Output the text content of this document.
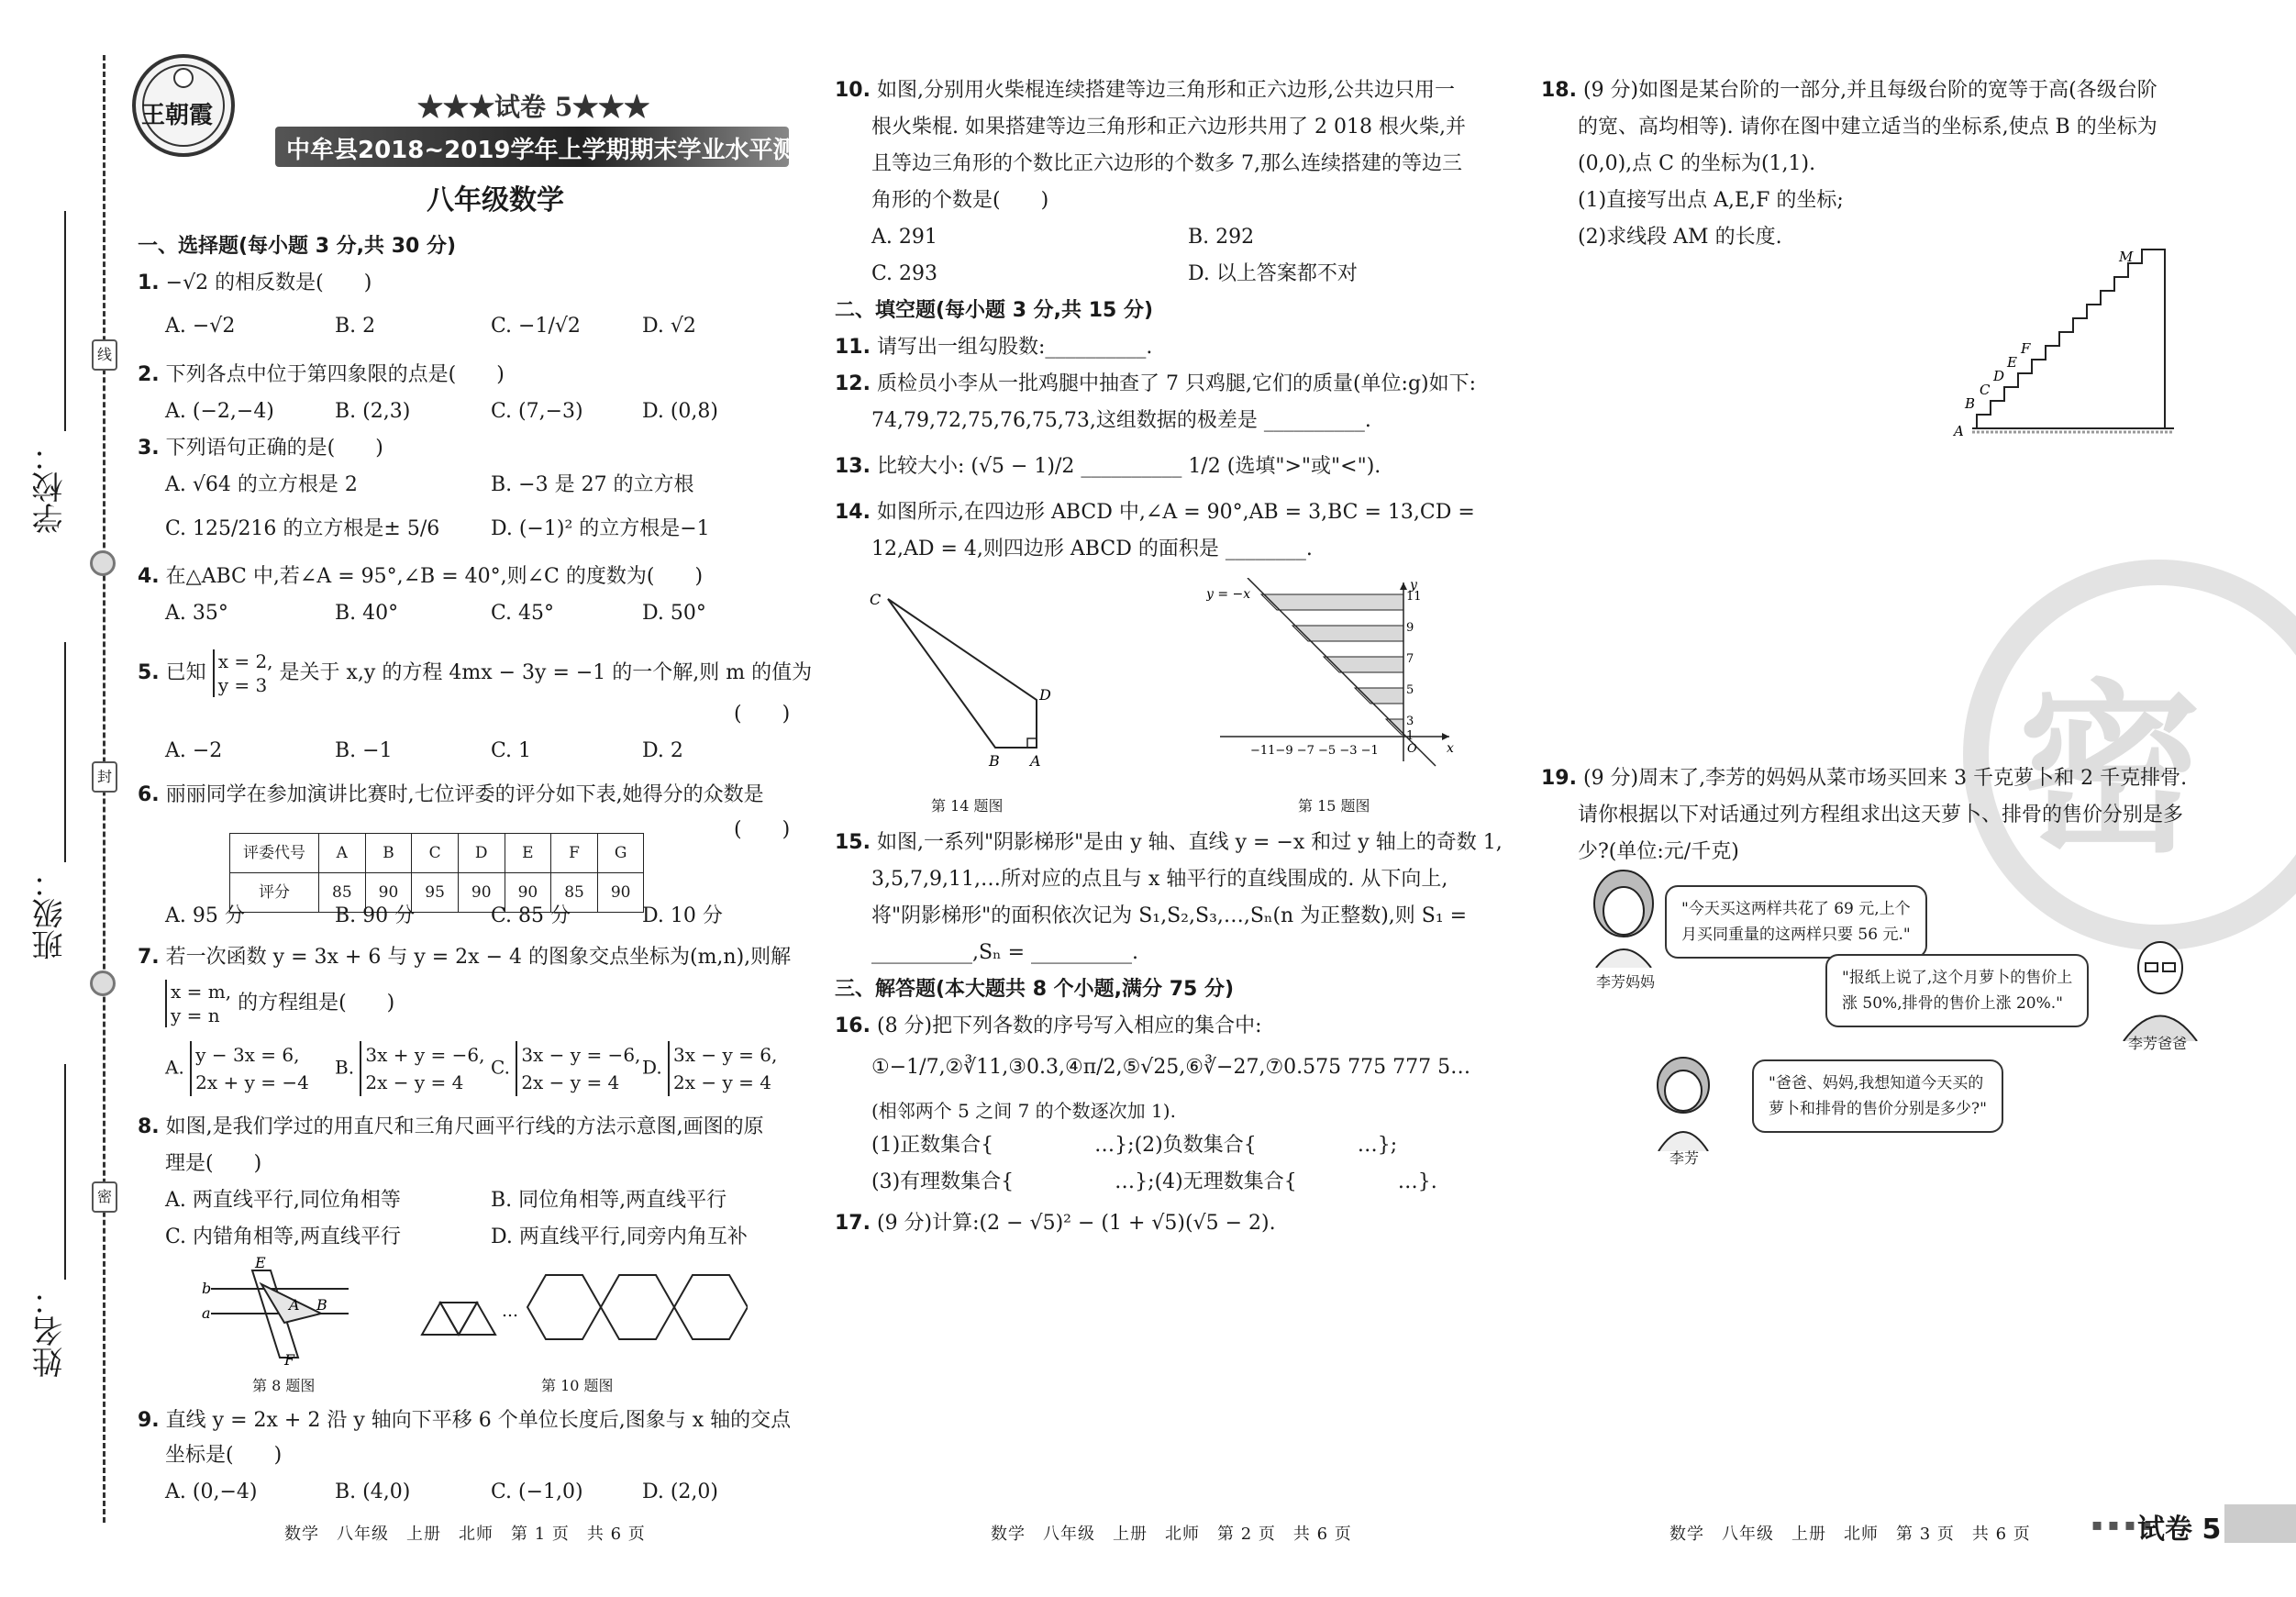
线
封
密
学校：
班级：
姓名：
王朝霞	★★★试卷 5★★★
中牟县2018~2019学年上学期期末学业水平测试试卷
八年级数学
一、选择题(每小题 3 分,共 30 分)
1. −√2 的相反数是(　　)
A. −√2	B. 2	C. −1/√2	D. √2
2. 下列各点中位于第四象限的点是(　　)
A. (−2,−4)	B. (2,3)	C. (7,−3)	D. (0,8)
3. 下列语句正确的是(　　)
A. √64 的立方根是 2	B. −3 是 27 的立方根
C. 125/216 的立方根是± 5/6	D. (−1)² 的立方根是−1
4. 在△ABC 中,若∠A = 95°,∠B = 40°,则∠C 的度数为(　　)
A. 35°	B. 40°	C. 45°	D. 50°
5. 已知 x = 2,
y = 3
是关于 x,y 的方程 4mx − 3y = −1 的一个解,则 m 的值为
(　　)
A. −2	B. −1	C. 1	D. 2
6. 丽丽同学在参加演讲比赛时,七位评委的评分如下表,她得分的众数是
(　　)
评委代号	A	B	C	D	E	F	G
评分	85	90	95	90	90	85	90
A. 95 分	B. 90 分	C. 85 分	D. 10 分
7. 若一次函数 y = 3x + 6 与 y = 2x − 4 的图象交点坐标为(m,n),则解
x = m,
y = n
的方程组是(　　)
A.
y − 3x = 6,
2x + y = −4
B.
3x + y = −6,
2x − y = 4
C.
3x − y = −6,
2x − y = 4
D.
3x − y = 6,
2x − y = 4
8. 如图,是我们学过的用直尺和三角尺画平行线的方法示意图,画图的原
理是(　　)
A. 两直线平行,同位角相等	B. 同位角相等,两直线平行
C. 内错角相等,两直线平行	D. 两直线平行,同旁内角互补
第 8 题图	第 10 题图
9. 直线 y = 2x + 2 沿 y 轴向下平移 6 个单位长度后,图象与 x 轴的交点
坐标是(　　)
A. (0,−4)	B. (4,0)	C. (−1,0)	D. (2,0)
b
a
E
F
A B	…
数学　八年级　上册　北师　第 1 页　共 6 页
10. 如图,分别用火柴棍连续搭建等边三角形和正六边形,公共边只用一
根火柴棍. 如果搭建等边三角形和正六边形共用了 2 018 根火柴,并
且等边三角形的个数比正六边形的个数多 7,那么连续搭建的等边三
角形的个数是(　　)
A. 291	B. 292
C. 293	D. 以上答案都不对
二、填空题(每小题 3 分,共 15 分)
11. 请写出一组勾股数:__________.
12. 质检员小李从一批鸡腿中抽查了 7 只鸡腿,它们的质量(单位:g)如下:
74,79,72,75,76,75,73,这组数据的极差是 __________.
13. 比较大小: (√5 − 1)/2 __________ 1/2 (选填">"或"<").
14. 如图所示,在四边形 ABCD 中,∠A = 90°,AB = 3,BC = 13,CD =
12,AD = 4,则四边形 ABCD 的面积是 ________.
第 14 题图	第 15 题图
15. 如图,一系列"阴影梯形"是由 y 轴、直线 y = −x 和过 y 轴上的奇数 1,
3,5,7,9,11,…所对应的点且与 x 轴平行的直线围成的. 从下向上,
将"阴影梯形"的面积依次记为 S₁,S₂,S₃,…,Sₙ(n 为正整数),则 S₁ =
__________,Sₙ = __________.
三、解答题(本大题共 8 个小题,满分 75 分)
16. (8 分)把下列各数的序号写入相应的集合中:
①−1/7,②∛11,③0.3,④π/2,⑤√25,⑥∛−27,⑦0.575 775 777 5…
(相邻两个 5 之间 7 的个数逐次加 1).
(1)正数集合{　　　　　…};(2)负数集合{　　　　　…};
(3)有理数集合{　　　　　…};(4)无理数集合{　　　　　…}.
17. (9 分)计算:(2 − √5)² − (1 + √5)(√5 − 2).
C
D
B A
y = −x
y
x
11
9
7
5
3
1
O
−11−9 −7 −5 −3 −1
数学　八年级　上册　北师　第 2 页　共 6 页
密
18. (9 分)如图是某台阶的一部分,并且每级台阶的宽等于高(各级台阶
的宽、高均相等). 请你在图中建立适当的坐标系,使点 B 的坐标为
(0,0),点 C 的坐标为(1,1).
(1)直接写出点 A,E,F 的坐标;
(2)求线段 AM 的长度.
19. (9 分)周末了,李芳的妈妈从菜市场买回来 3 千克萝卜和 2 千克排骨.
请你根据以下对话通过列方程组求出这天萝卜、排骨的售价分别是多
少?(单位:元/千克)
A
B
C
D
E
F
M
李芳妈妈
"今天买这两样共花了 69 元,上个
月买同重量的这两样只要 56 元."
"报纸上说了,这个月萝卜的售价上
涨 50%,排骨的售价上涨 20%."
李芳爸爸
李芳
"爸爸、妈妈,我想知道今天买的
萝卜和排骨的售价分别是多少?"
数学　八年级　上册　北师　第 3 页　共 6 页	▪ ▪ ▪ ▪
试卷 5
